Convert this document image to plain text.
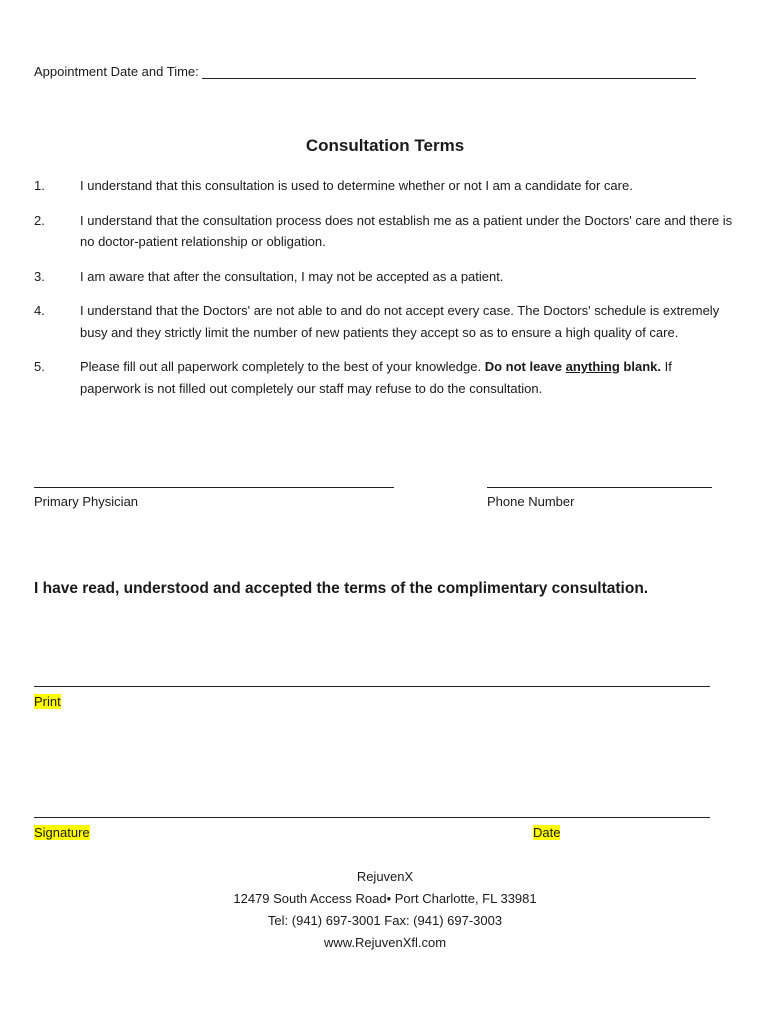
Appointment Date and Time:
Consultation Terms
1.	I understand that this consultation is used to determine whether or not I am a candidate for care.
2.	I understand that the consultation process does not establish me as a patient under the Doctors' care and there is no doctor-patient relationship or obligation.
3.	I am aware that after the consultation, I may not be accepted as a patient.
4.	I understand that the Doctors' are not able to and do not accept every case. The Doctors' schedule is extremely busy and they strictly limit the number of new patients they accept so as to ensure a high quality of care.
5.	Please fill out all paperwork completely to the best of your knowledge. Do not leave anything blank. If paperwork is not filled out completely our staff may refuse to do the consultation.
Primary Physician	Phone Number
I have read, understood and accepted the terms of the complimentary consultation.
Print
Signature	Date
RejuvenX
12479 South Access Road• Port Charlotte, FL 33981
Tel: (941) 697-3001 Fax: (941) 697-3003
www.RejuvenXfl.com
